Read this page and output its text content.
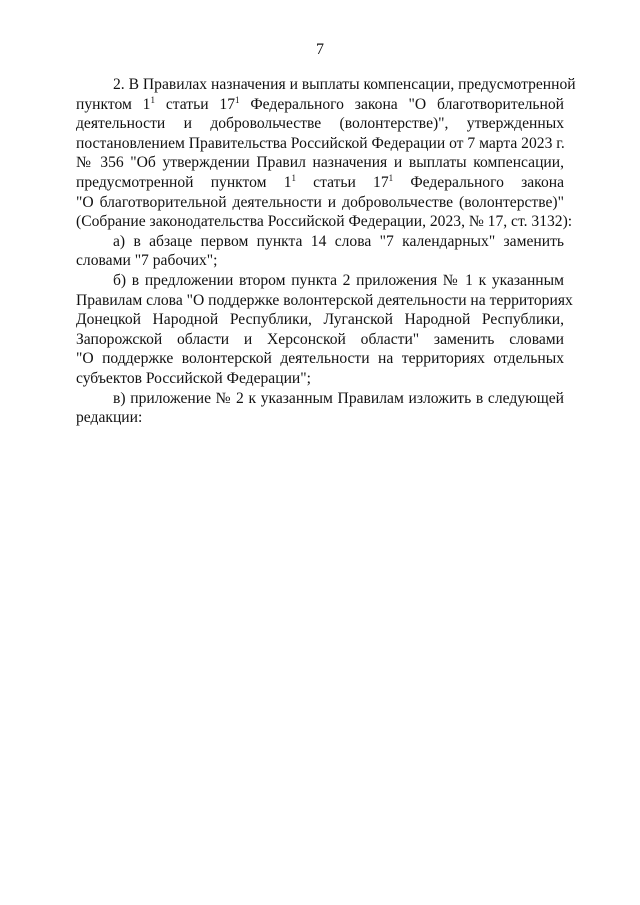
7
2. В Правилах назначения и выплаты компенсации, предусмотренной
пунктом $1^1$ статьи $17^1$ Федерального закона "О благотворительной
деятельности и добровольчестве (волонтерстве)", утвержденных
постановлением Правительства Российской Федерации от 7 марта 2023 г.
№ 356 "Об утверждении Правил назначения и выплаты компенсации,
предусмотренной пунктом $1^1$ статьи $17^1$ Федерального закона
"О благотворительной деятельности и добровольчестве (волонтерстве)"
(Собрание законодательства Российской Федерации, 2023, № 17, ст. 3132):
а) в абзаце первом пункта 14 слова "7 календарных" заменить
словами "7 рабочих";
б) в предложении втором пункта 2 приложения № 1 к указанным
Правилам слова "О поддержке волонтерской деятельности на территориях
Донецкой Народной Республики, Луганской Народной Республики,
Запорожской области и Херсонской области" заменить словами
"О поддержке волонтерской деятельности на территориях отдельных
субъектов Российской Федерации";
в) приложение № 2 к указанным Правилам изложить в следующей
редакции:
